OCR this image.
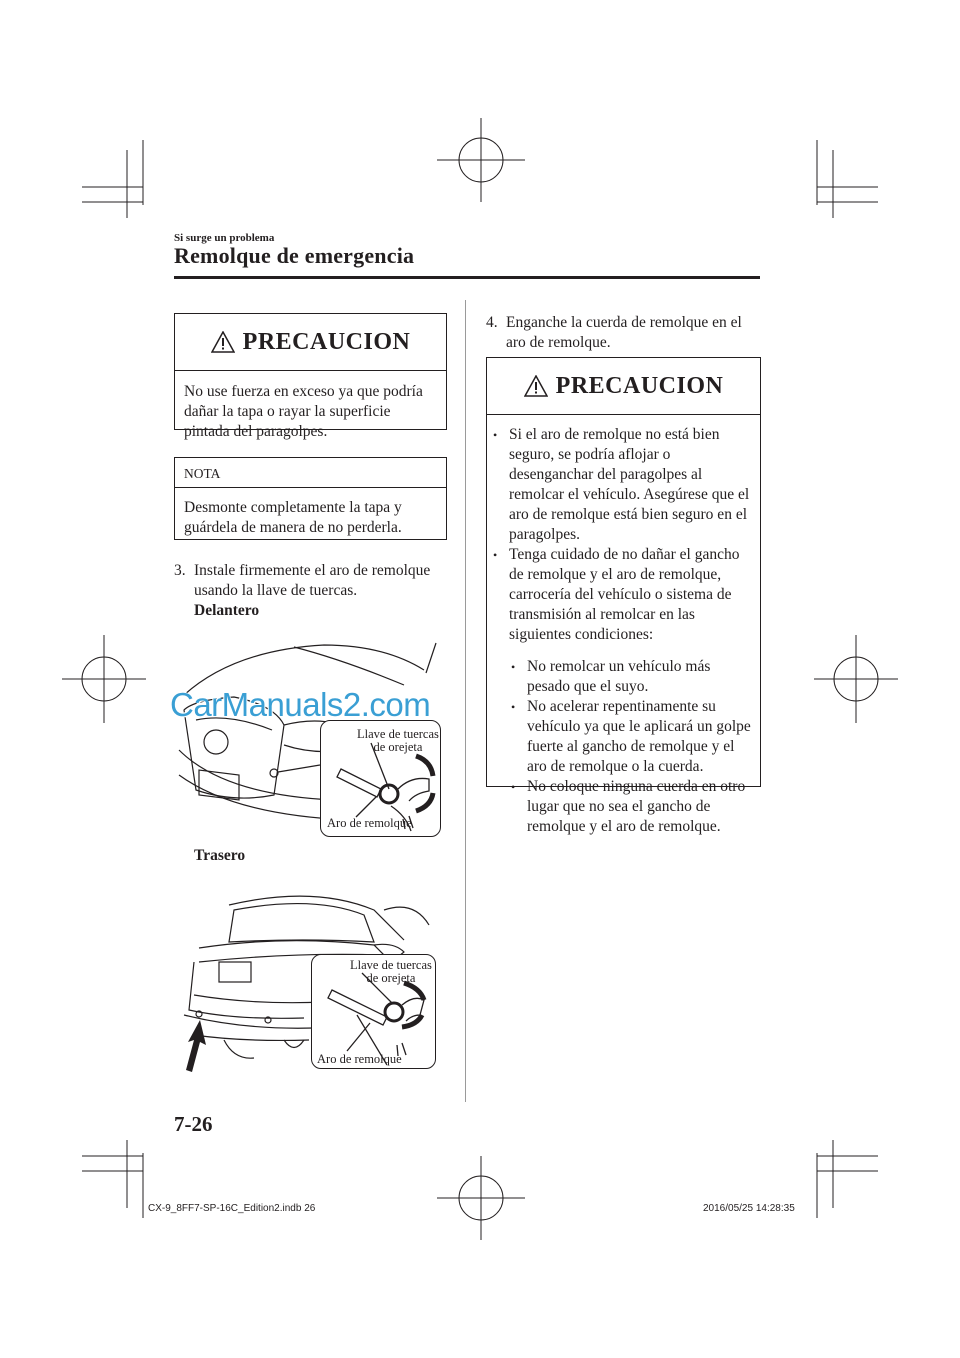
Si surge un problema
Remolque de emergencia
PRECAUCION
No use fuerza en exceso ya que podría dañar la tapa o rayar la superficie pintada del paragolpes.
NOTA
Desmonte completamente la tapa y guárdela de manera de no perderla.
3. Instale firmemente el aro de remolque usando la llave de tuercas.
Delantero
Llave de tuercas
de orejeta
Aro de remolque
CarManuals2.com
Trasero
Llave de tuercas
de orejeta
Aro de remolque
4. Enganche la cuerda de remolque en el aro de remolque.
PRECAUCION
• Si el aro de remolque no está bien seguro, se podría aflojar o desenganchar del paragolpes al remolcar el vehículo. Asegúrese que el aro de remolque está bien seguro en el paragolpes.
• Tenga cuidado de no dañar el gancho de remolque y el aro de remolque, carrocería del vehículo o sistema de transmisión al remolcar en las siguientes condiciones:
• No remolcar un vehículo más pesado que el suyo.
• No acelerar repentinamente su vehículo ya que le aplicará un golpe fuerte al gancho de remolque y el aro de remolque o la cuerda.
• No coloque ninguna cuerda en otro lugar que no sea el gancho de remolque y el aro de remolque.
7-26
CX-9_8FF7-SP-16C_Edition2.indb 26	2016/05/25 14:28:35
